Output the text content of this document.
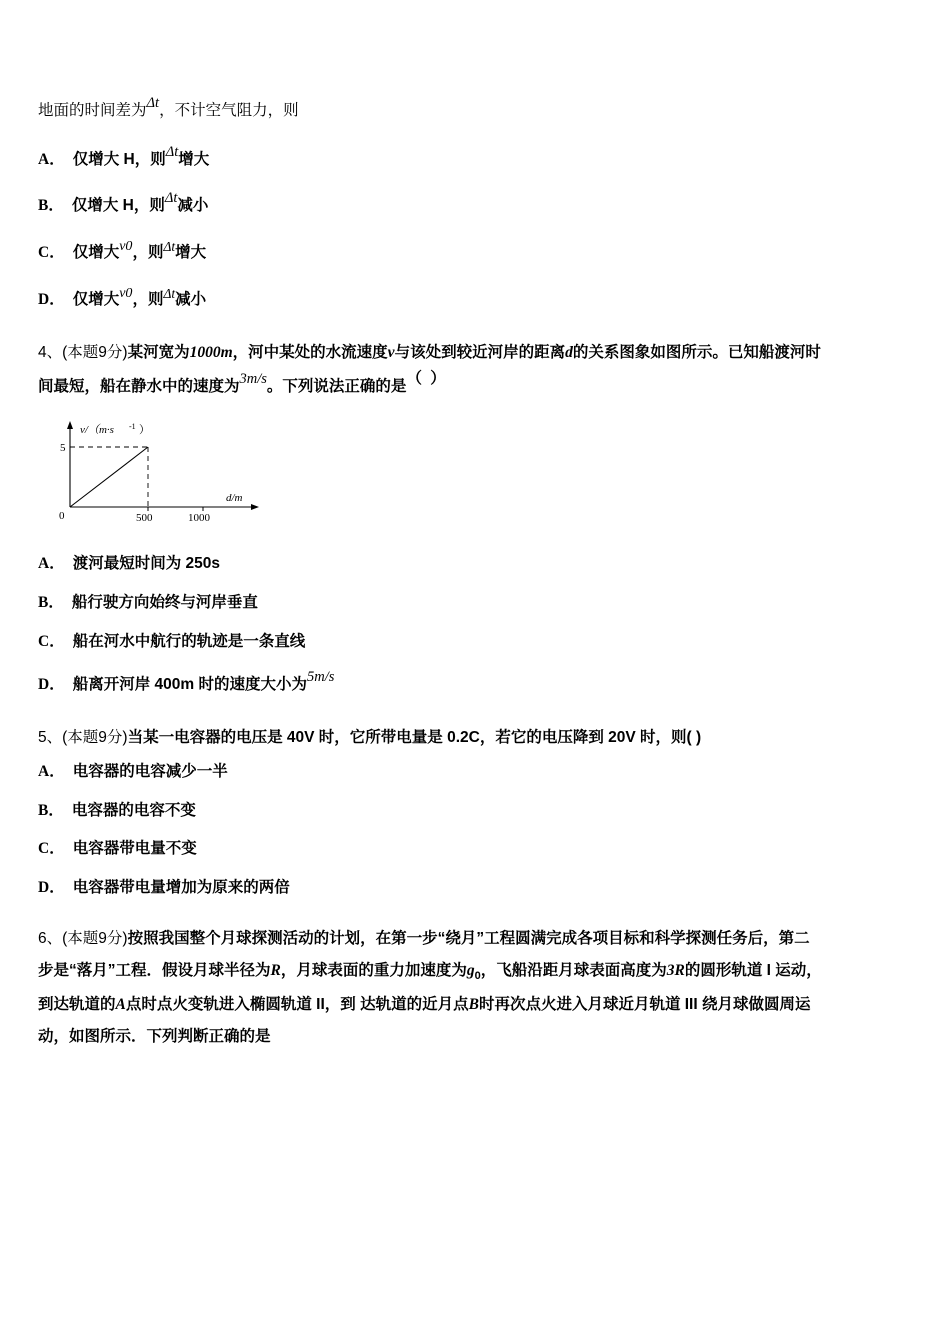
地面的时间差为Δt，不计空气阻力，则
A． 仅增大 H，则Δt增大
B． 仅增大 H，则Δt减小
C． 仅增大v0，则Δt增大
D． 仅增大v0，则Δt减小
4、(本题9分)某河宽为1000m，河中某处的水流速度v与该处到较近河岸的距离d的关系图象如图所示。已知船渡河时
间最短，船在静水中的速度为3m/s。下列说法正确的是（ ）
v/（m·s -1 ）
5
0	500	1000
d/m
A． 渡河最短时间为 250s
B． 船行驶方向始终与河岸垂直
C． 船在河水中航行的轨迹是一条直线
D． 船离开河岸 400m 时的速度大小为5m/s
5、(本题9分)当某一电容器的电压是 40V 时，它所带电量是 0.2C，若它的电压降到 20V 时，则( )
A． 电容器的电容减少一半
B． 电容器的电容不变
C． 电容器带电量不变
D． 电容器带电量增加为原来的两倍
6、(本题9分)按照我国整个月球探测活动的计划，在第一步“绕月”工程圆满完成各项目标和科学探测任务后，第二
步是“落月”工程．假设月球半径为R，月球表面的重力加速度为$g_0$，飞船沿距月球表面高度为3R的圆形轨道 I 运动，
到达轨道的A点时点火变轨进入椭圆轨道 II，到 达轨道的近月点B时再次点火进入月球近月轨道 III 绕月球做圆周运
动，如图所示．下列判断正确的是
